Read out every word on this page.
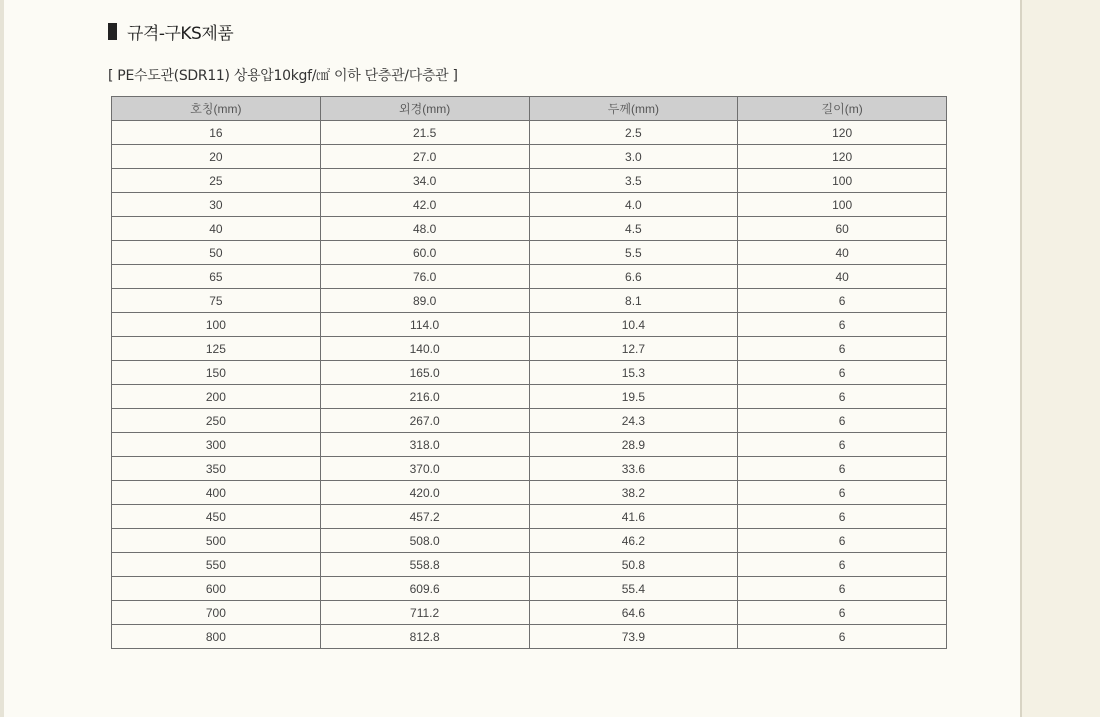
규격-구KS제품
[ PE수도관(SDR11) 상용압10kgf/㎠ 이하 단층관/다층관 ]
호칭(mm)	외경(mm)	두께(mm)	길이(m)
16	21.5	2.5	120
20	27.0	3.0	120
25	34.0	3.5	100
30	42.0	4.0	100
40	48.0	4.5	60
50	60.0	5.5	40
65	76.0	6.6	40
75	89.0	8.1	6
100	114.0	10.4	6
125	140.0	12.7	6
150	165.0	15.3	6
200	216.0	19.5	6
250	267.0	24.3	6
300	318.0	28.9	6
350	370.0	33.6	6
400	420.0	38.2	6
450	457.2	41.6	6
500	508.0	46.2	6
550	558.8	50.8	6
600	609.6	55.4	6
700	711.2	64.6	6
800	812.8	73.9	6
